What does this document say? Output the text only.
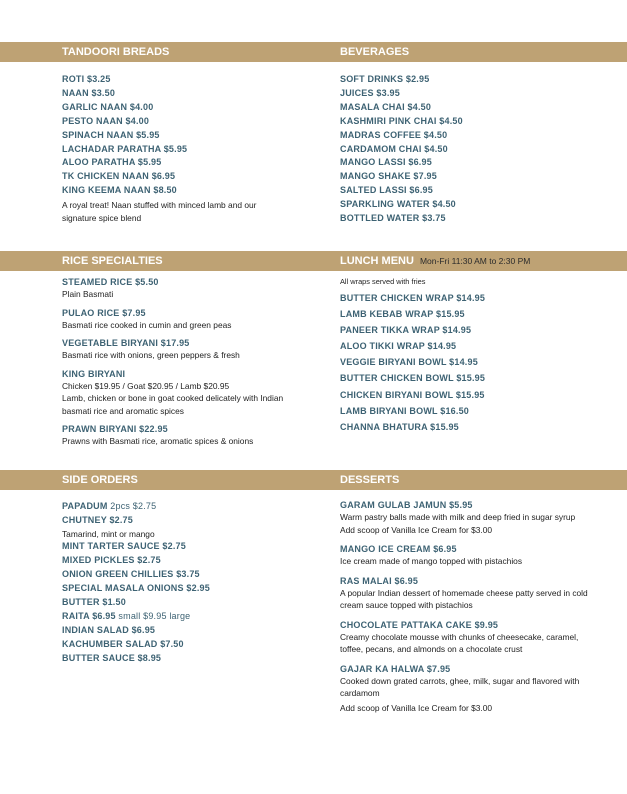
TANDOORI BREADS	BEVERAGES
ROTI $3.25
NAAN $3.50
GARLIC NAAN $4.00
PESTO NAAN $4.00
SPINACH NAAN $5.95
LACHADAR PARATHA $5.95
ALOO PARATHA $5.95
TK CHICKEN NAAN $6.95
KING KEEMA NAAN $8.50
A royal treat! Naan stuffed with minced lamb and our signature spice blend
SOFT DRINKS $2.95
JUICES $3.95
MASALA CHAI $4.50
KASHMIRI PINK CHAI $4.50
MADRAS COFFEE $4.50
CARDAMOM CHAI $4.50
MANGO LASSI $6.95
MANGO SHAKE $7.95
SALTED LASSI $6.95
SPARKLING WATER $4.50
BOTTLED WATER $3.75
RICE SPECIALTIES	LUNCH MENU Mon-Fri 11:30 AM to 2:30 PM
STEAMED RICE $5.50
Plain Basmati
PULAO RICE $7.95
Basmati rice cooked in cumin and green peas
VEGETABLE BIRYANI $17.95
Basmati rice with onions, green peppers & fresh
KING BIRYANI
Chicken $19.95 / Goat $20.95 / Lamb $20.95
Lamb, chicken or bone in goat cooked delicately with Indian basmati rice and aromatic spices
PRAWN BIRYANI $22.95
Prawns with Basmati rice, aromatic spices & onions
All wraps served with fries
BUTTER CHICKEN WRAP $14.95
LAMB KEBAB WRAP $15.95
PANEER TIKKA WRAP $14.95
ALOO TIKKI WRAP $14.95
VEGGIE BIRYANI BOWL $14.95
BUTTER CHICKEN BOWL $15.95
CHICKEN BIRYANI BOWL $15.95
LAMB BIRYANI BOWL $16.50
CHANNA BHATURA $15.95
SIDE ORDERS	DESSERTS
PAPADUM 2pcs $2.75
CHUTNEY $2.75
Tamarind, mint or mango
MINT TARTER SAUCE $2.75
MIXED PICKLES $2.75
ONION GREEN CHILLIES $3.75
SPECIAL MASALA ONIONS $2.95
BUTTER $1.50
RAITA $6.95 small $9.95 large
INDIAN SALAD $6.95
KACHUMBER SALAD $7.50
BUTTER SAUCE $8.95
GARAM GULAB JAMUN $5.95
Warm pastry balls made with milk and deep fried in sugar syrup
Add scoop of Vanilla Ice Cream for $3.00
MANGO ICE CREAM $6.95
Ice cream made of mango topped with pistachios
RAS MALAI $6.95
A popular Indian dessert of homemade cheese patty served in cold cream sauce topped with pistachios
CHOCOLATE PATTAKA CAKE $9.95
Creamy chocolate mousse with chunks of cheesecake, caramel, toffee, pecans, and almonds on a chocolate crust
GAJAR KA HALWA $7.95
Cooked down grated carrots, ghee, milk, sugar and flavored with cardamom
Add scoop of Vanilla Ice Cream for $3.00
